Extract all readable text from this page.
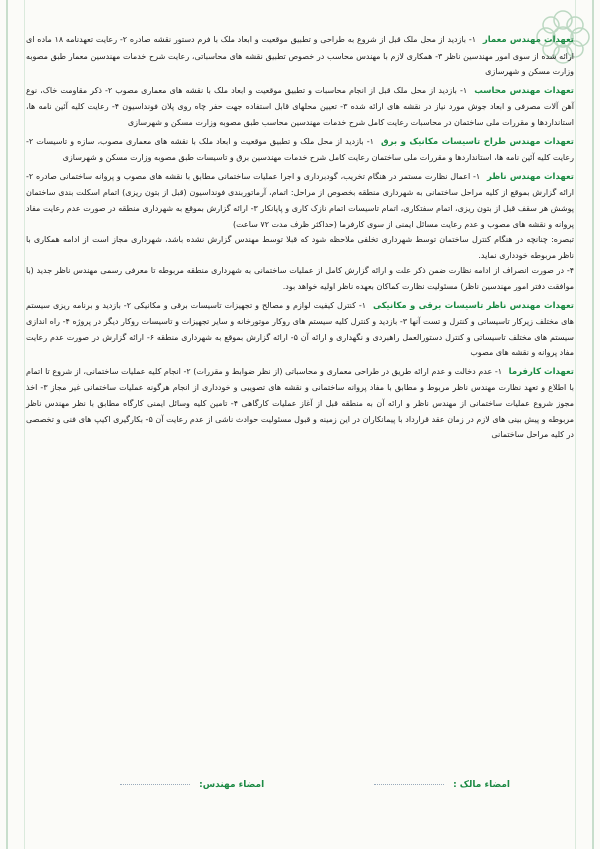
تعهدات مهندس معمار ۱- بازدید از محل ملک قبل از شروع به طراحی و تطبیق موقعیت و ابعاد ملک با فرم دستور نقشه صادره ۲- رعایت تعهدنامه ۱۸ ماده ای ارائه شده از سوی امور مهندسین ناظر ۳- همکاری لازم با مهندس محاسب در خصوص تطبیق نقشه های محاسباتی، رعایت شرح خدمات مهندسین معمار طبق مصوبه وزارت مسکن و شهرسازی

تعهدات مهندس محاسب ۱- بازدید از محل ملک قبل از انجام محاسبات و تطبیق موقعیت و ابعاد ملک با نقشه های معماری مصوب ۲- ذکر مقاومت خاک، نوع آهن آلات مصرفی و ابعاد جوش مورد نیاز در نقشه های ارائه شده ۳- تعیین محلهای قابل استفاده جهت حفر چاه روی پلان فونداسیون ۴- رعایت کلیه آئین نامه ها، استانداردها و مقررات ملی ساختمان در محاسبات رعایت کامل شرح خدمات مهندسین محاسب طبق مصوبه وزارت مسکن و شهرسازی

تعهدات مهندس طراح تاسیسات مکانیک و برق ۱- بازدید از محل ملک و تطبیق موقعیت و ابعاد ملک با نقشه های معماری مصوب، سازه و تاسیسات ۲- رعایت کلیه آئین نامه ها، استانداردها و مقررات ملی ساختمان رعایت کامل شرح خدمات مهندسین برق و تاسیسات طبق مصوبه وزارت مسکن و شهرسازی

تعهدات مهندس ناظر ۱- اعمال نظارت مستمر در هنگام تخریب، گودبرداری و اجرا عملیات ساختمانی مطابق با نقشه های مصوب و پروانه ساختمانی صادره ۲- ارائه گزارش بموقع از کلیه مراحل ساختمانی به شهرداری منطقه بخصوص از مراحل: اتمام، آرماتوربندی فونداسیون (قبل از بتون ریزی) اتمام اسکلت بندی ساختمان پوشش هر سقف قبل از بتون ریزی، اتمام سفتکاری، اتمام تاسیسات اتمام نازک کاری و پایانکار ۳- ارائه گزارش بموقع به شهرداری منطقه در صورت عدم رعایت مفاد پروانه و نقشه های مصوب و عدم رعایت مسائل ایمنی از سوی کارفرما (حداکثر ظرف مدت ۷۲ ساعت)

تبصره: چنانچه در هنگام کنترل ساختمان توسط شهرداری تخلفی ملاحظه شود که قبلا توسط مهندس گزارش نشده باشد، شهرداری مجاز است از ادامه همکاری با ناظر مربوطه خودداری نماید.

۴- در صورت انصراف از ادامه نظارت ضمن ذکر علت و ارائه گزارش کامل از عملیات ساختمانی به شهرداری منطقه مربوطه تا معرفی رسمی مهندس ناظر جدید (با موافقت دفتر امور مهندسین ناظر) مسئولیت نظارت کماکان بعهده ناظر اولیه خواهد بود.

تعهدات مهندس ناظر تاسیسات برقی و مکانیکی ۱- کنترل کیفیت لوازم و مصالح و تجهیزات تاسیسات برقی و مکانیکی ۲- بازدید و برنامه ریزی سیستم های مختلف زیرکار تاسیساتی و کنترل و تست آنها ۳- بازدید و کنترل کلیه سیستم های روکار موتورخانه و سایر تجهیزات و تاسیسات روکار دیگر در پروژه ۴- راه اندازی سیستم های مختلف تاسیساتی و کنترل دستورالعمل راهبردی و نگهداری و ارائه آن ۵- ارائه گزارش بموقع به شهرداری منطقه ۶- ارائه گزارش در صورت عدم رعایت مفاد پروانه و نقشه های مصوب

تعهدات کارفرما ۱- عدم دخالت و عدم ارائه طریق در طراحی معماری و محاسباتی (از نظر ضوابط و مقررات) ۲- انجام کلیه عملیات ساختمانی، از شروع تا اتمام با اطلاع و تعهد نظارت مهندس ناظر مربوط و مطابق با مفاد پروانه ساختمانی و نقشه های تصویبی و خودداری از انجام هرگونه عملیات ساختمانی غیر مجاز ۳- اخذ مجوز شروع عملیات ساختمانی از مهندس ناظر و ارائه آن به منطقه قبل از آغاز عملیات کارگاهی ۴- تامین کلیه وسائل ایمنی کارگاه مطابق با نظر مهندس ناظر مربوطه و پیش بینی های لازم در زمان عقد قرارداد با پیمانکاران در این زمینه و قبول مسئولیت حوادث ناشی از عدم رعایت آن ۵- بکارگیری اکیپ های فنی و تخصصی در کلیه مراحل ساختمانی

امضاء مالک :
امضاء مهندس:
